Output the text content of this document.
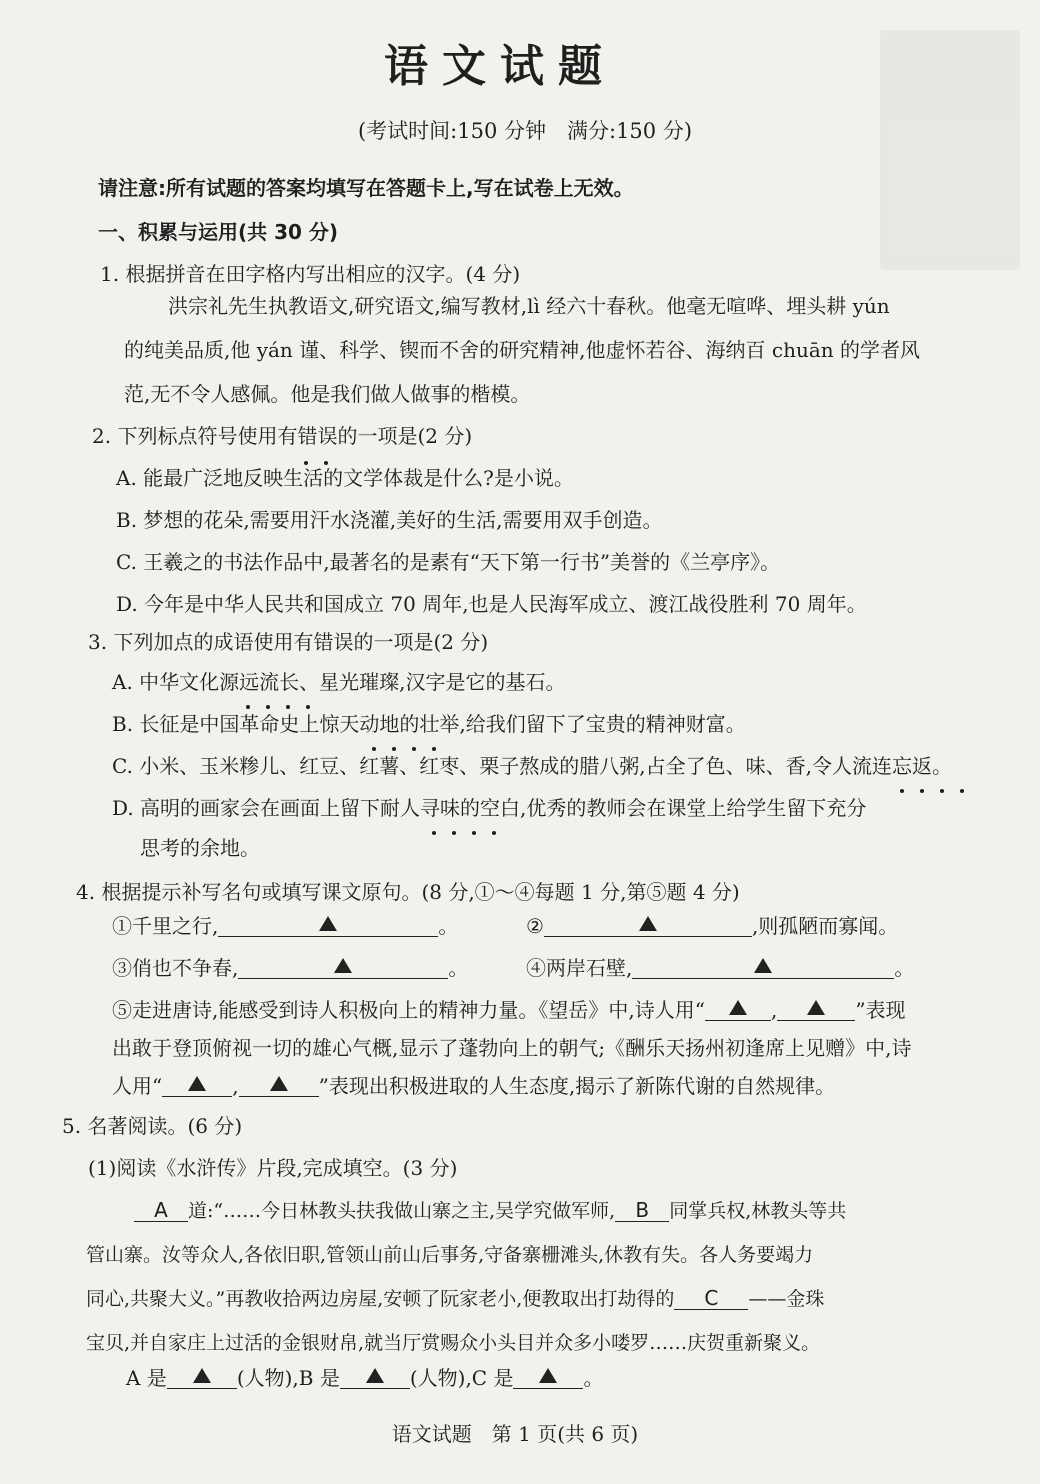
语文试题
(考试时间:150 分钟　满分:150 分)
请注意:所有试题的答案均填写在答题卡上,写在试卷上无效。
一、积累与运用(共 30 分)
1. 根据拼音在田字格内写出相应的汉字。(4 分)
洪宗礼先生执教语文,研究语文,编写教材,lì 经六十春秋。他毫无喧哗、埋头耕 yún
的纯美品质,他 yán 谨、科学、锲而不舍的研究精神,他虚怀若谷、海纳百 chuān 的学者风
范,无不令人感佩。他是我们做人做事的楷模。
2. 下列标点符号使用有错误的一项是(2 分)
A. 能最广泛地反映生活的文学体裁是什么?是小说。
B. 梦想的花朵,需要用汗水浇灌,美好的生活,需要用双手创造。
C. 王羲之的书法作品中,最著名的是素有“天下第一行书”美誉的《兰亭序》。
D. 今年是中华人民共和国成立 70 周年,也是人民海军成立、渡江战役胜利 70 周年。
3. 下列加点的成语使用有错误的一项是(2 分)
A. 中华文化源远流长、星光璀璨,汉字是它的基石。
B. 长征是中国革命史上惊天动地的壮举,给我们留下了宝贵的精神财富。
C. 小米、玉米糁儿、红豆、红薯、红枣、栗子熬成的腊八粥,占全了色、味、香,令人流连忘返。
D. 高明的画家会在画面上留下耐人寻味的空白,优秀的教师会在课堂上给学生留下充分
思考的余地。
4. 根据提示补写名句或填写课文原句。(8 分,①～④每题 1 分,第⑤题 4 分)
①千里之行,	。	②	,则孤陋而寡闻。
③俏也不争春,	。	④两岸石壁,	。
⑤走进唐诗,能感受到诗人积极向上的精神力量。《望岳》中,诗人用“	,	”表现
出敢于登顶俯视一切的雄心气概,显示了蓬勃向上的朝气;《酬乐天扬州初逢席上见赠》中,诗
人用“	,	”表现出积极进取的人生态度,揭示了新陈代谢的自然规律。
5. 名著阅读。(6 分)
(1)阅读《水浒传》片段,完成填空。(3 分)
A 道:“……今日林教头扶我做山寨之主,吴学究做军师, B 同掌兵权,林教头等共
管山寨。汝等众人,各依旧职,管领山前山后事务,守备寨栅滩头,休教有失。各人务要竭力
同心,共聚大义。”再教收拾两边房屋,安顿了阮家老小,便教取出打劫得的 C ——金珠
宝贝,并自家庄上过活的金银财帛,就当厅赏赐众小头目并众多小喽罗……庆贺重新聚义。
A 是	(人物),B 是	(人物),C 是	。
语文试题　第 1 页(共 6 页)
